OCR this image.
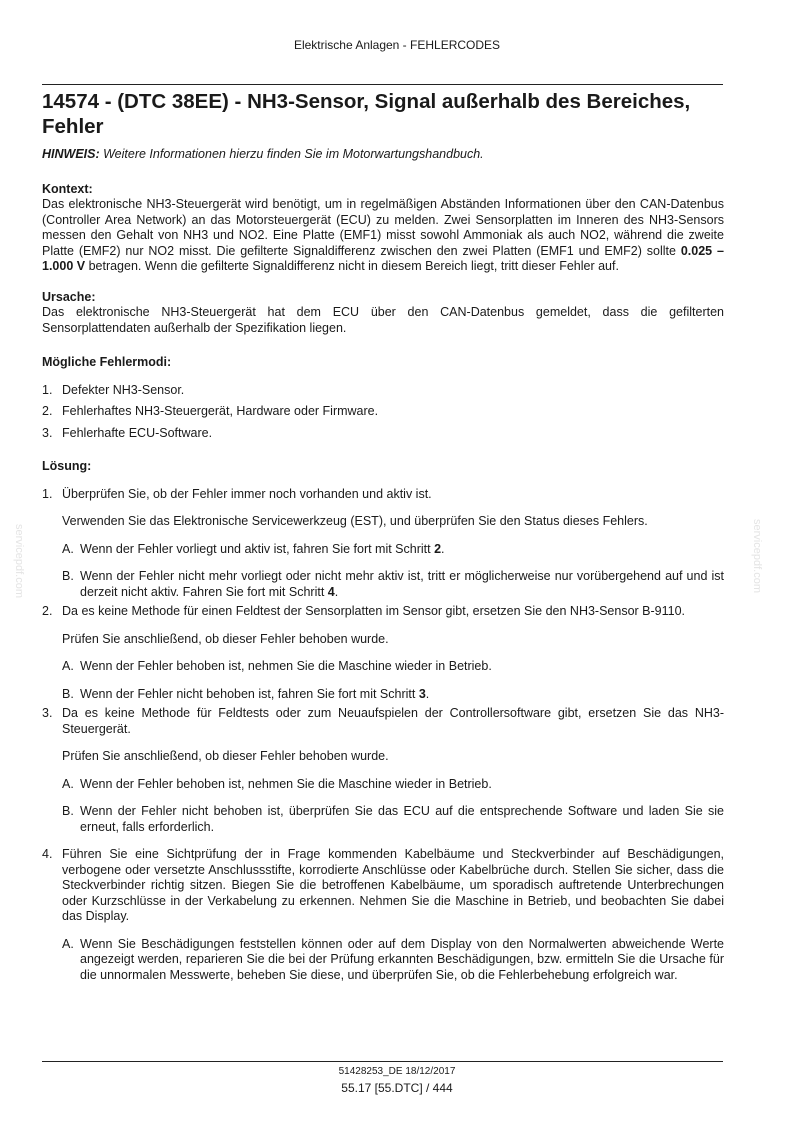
Elektrische Anlagen - FEHLERCODES
14574 - (DTC 38EE) - NH3-Sensor, Signal außerhalb des Bereiches, Fehler

HINWEIS: Weitere Informationen hierzu finden Sie im Motorwartungshandbuch.

Kontext:

Das elektronische NH3-Steuergerät wird benötigt, um in regelmäßigen Abständen Informationen über den CAN-Datenbus (Controller Area Network) an das Motorsteuergerät (ECU) zu melden. Zwei Sensorplatten im Inneren des NH3-Sensors messen den Gehalt von NH3 und NO2. Eine Platte (EMF1) misst sowohl Ammoniak als auch NO2, während die zweite Platte (EMF2) nur NO2 misst. Die gefilterte Signaldifferenz zwischen den zwei Platten (EMF1 und EMF2) sollte 0.025 – 1.000 V betragen. Wenn die gefilterte Signaldifferenz nicht in diesem Bereich liegt, tritt dieser Fehler auf.

Ursache:

Das elektronische NH3-Steuergerät hat dem ECU über den CAN-Datenbus gemeldet, dass die gefilterten Sensorplattendaten außerhalb der Spezifikation liegen.

Mögliche Fehlermodi:

1. Defekter NH3-Sensor.

2. Fehlerhaftes NH3-Steuergerät, Hardware oder Firmware.

3. Fehlerhafte ECU-Software.

Lösung:

1. Überprüfen Sie, ob der Fehler immer noch vorhanden und aktiv ist.

Verwenden Sie das Elektronische Servicewerkzeug (EST), und überprüfen Sie den Status dieses Fehlers.

A. Wenn der Fehler vorliegt und aktiv ist, fahren Sie fort mit Schritt 2.

B. Wenn der Fehler nicht mehr vorliegt oder nicht mehr aktiv ist, tritt er möglicherweise nur vorübergehend auf und ist derzeit nicht aktiv. Fahren Sie fort mit Schritt 4.

2. Da es keine Methode für einen Feldtest der Sensorplatten im Sensor gibt, ersetzen Sie den NH3-Sensor B-9110.

Prüfen Sie anschließend, ob dieser Fehler behoben wurde.

A. Wenn der Fehler behoben ist, nehmen Sie die Maschine wieder in Betrieb.

B. Wenn der Fehler nicht behoben ist, fahren Sie fort mit Schritt 3.

3. Da es keine Methode für Feldtests oder zum Neuaufspielen der Controllersoftware gibt, ersetzen Sie das NH3-Steuergerät.

Prüfen Sie anschließend, ob dieser Fehler behoben wurde.

A. Wenn der Fehler behoben ist, nehmen Sie die Maschine wieder in Betrieb.

B. Wenn der Fehler nicht behoben ist, überprüfen Sie das ECU auf die entsprechende Software und laden Sie sie erneut, falls erforderlich.

4. Führen Sie eine Sichtprüfung der in Frage kommenden Kabelbäume und Steckverbinder auf Beschädigungen, verbogene oder versetzte Anschlussstifte, korrodierte Anschlüsse oder Kabelbrüche durch. Stellen Sie sicher, dass die Steckverbinder richtig sitzen. Biegen Sie die betroffenen Kabelbäume, um sporadisch auftretende Unterbrechungen oder Kurzschlüsse in der Verkabelung zu erkennen. Nehmen Sie die Maschine in Betrieb, und beobachten Sie dabei das Display.

A. Wenn Sie Beschädigungen feststellen können oder auf dem Display von den Normalwerten abweichende Werte angezeigt werden, reparieren Sie die bei der Prüfung erkannten Beschädigungen, bzw. ermitteln Sie die Ursache für die unnormalen Messwerte, beheben Sie diese, und überprüfen Sie, ob die Fehlerbehebung erfolgreich war.

servicepdf.com	servicepdf.com
51428253_DE 18/12/2017
55.17 [55.DTC] / 444
